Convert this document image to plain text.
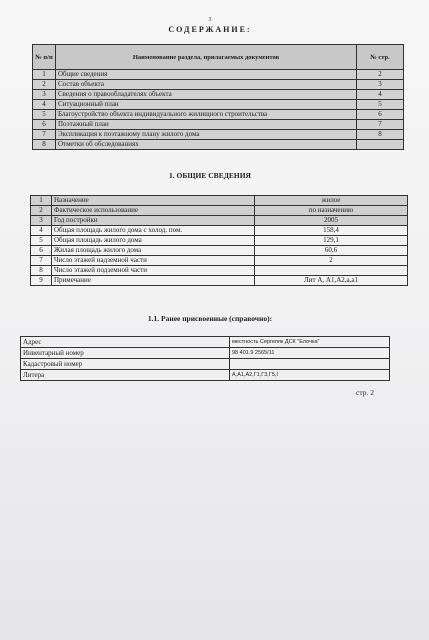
3
СОДЕРЖАНИЕ:
№ п/п	Наименование раздела, прилагаемых документов	№ стр.
1	Общие сведения	2
2	Состав объекта	3
3	Сведения о правообладателях объекта	4
4	Ситуационный план	5
5	Благоустройство объекта индивидуального жилищного строительства	6
6	Поэтажный план	7
7	Экспликация к поэтажному плану жилого дома	8
8	Отметки об обследованиях	
1. ОБЩИЕ СВЕДЕНИЯ
1	Назначение	жилое
2	Фактическое использование	по назначению
3	Год постройки	2005
4	Общая площадь жилого дома с холод. пом.	158,4
5	Общая площадь жилого дома	129,1
6	Жилая площадь жилого дома	60,6
7	Число этажей надземной части	2
8	Число этажей подземной части	
9	Примечание	Лит А, А1,А2,а,а1
1.1. Ранее присвоенные (справочно):
Адрес	местность Сергеляк ДСК "Елочка"
Инвентарный номер	98 401.9 2565/11
Кадастровый номер	
Литера	А,А1,А2,Г1,Г3,Г5,I
стр. 2
